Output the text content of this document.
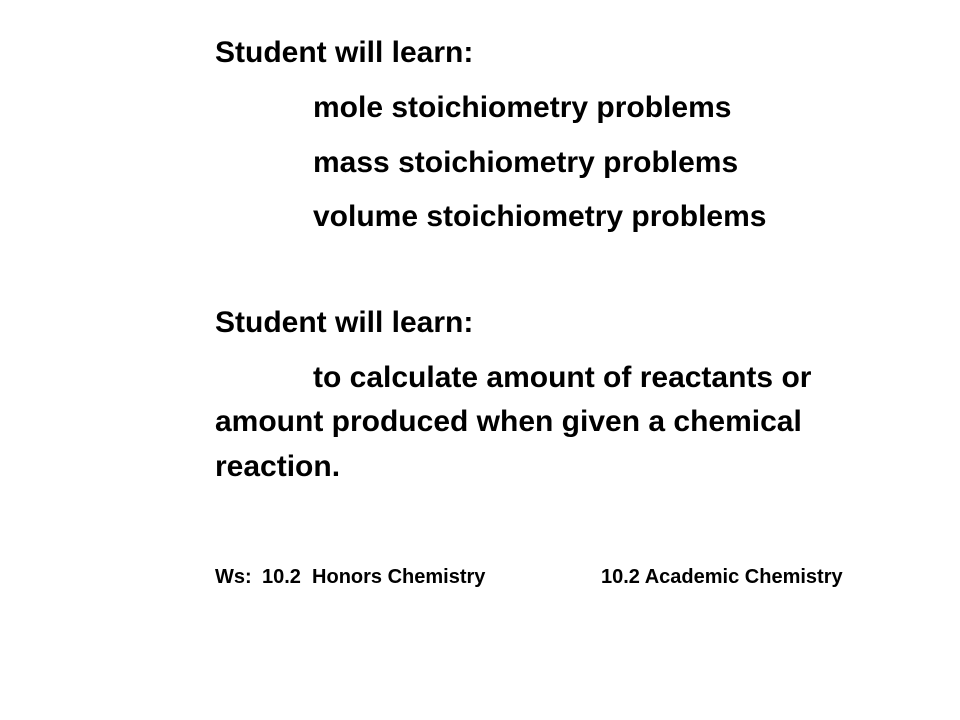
Student will learn:
mole stoichiometry problems
mass stoichiometry problems
volume stoichiometry problems
Student will learn:
to calculate amount of reactants or
amount produced when given a chemical
reaction.
Ws: 10.2  Honors Chemistry	10.2 Academic Chemistry
